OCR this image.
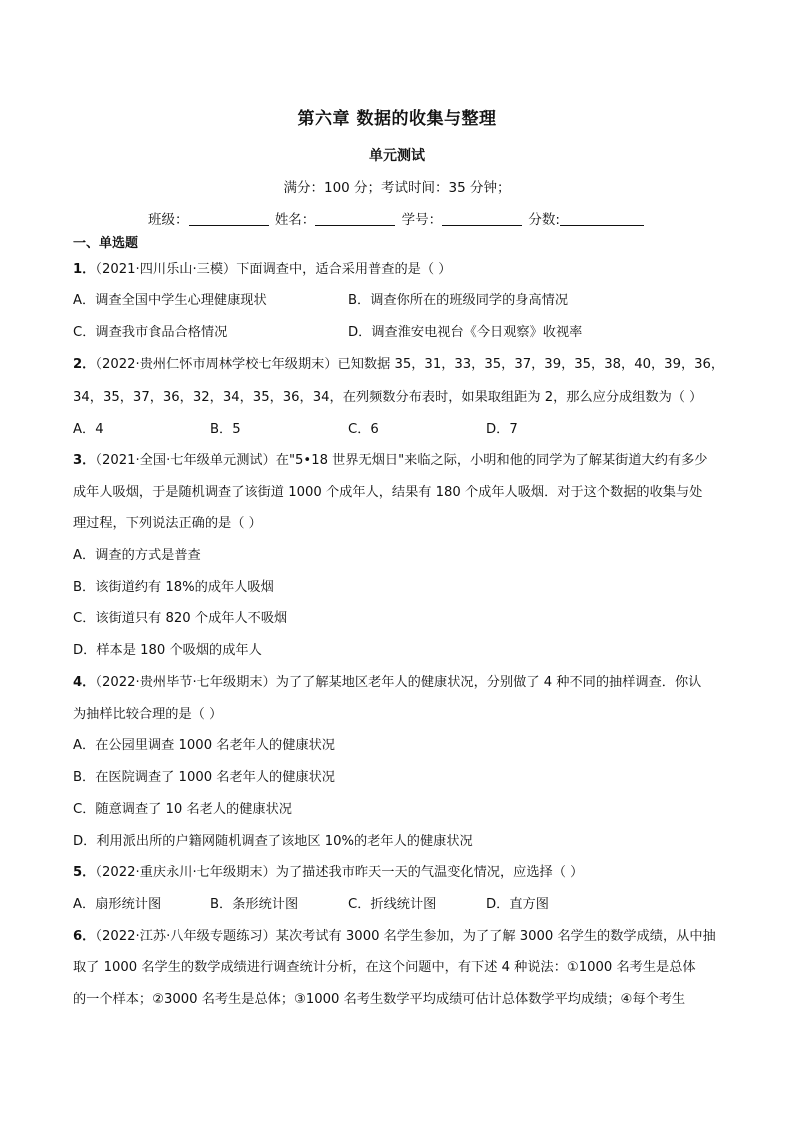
第六章 数据的收集与整理
单元测试
满分：100 分；考试时间：35 分钟；
班级：	姓名：	学号：	分数:
一、单选题
1．（2021·四川乐山·三模）下面调查中，适合采用普查的是（ ）
A．调查全国中学生心理健康现状	B．调查你所在的班级同学的身高情况
C．调查我市食品合格情况	D．调查淮安电视台《今日观察》收视率
2．（2022·贵州仁怀市周林学校七年级期末）已知数据 35，31，33，35，37，39，35，38，40，39，36，
34，35，37，36，32，34，35，36，34，在列频数分布表时，如果取组距为 2，那么应分成组数为（ ）
A．4	B．5	C．6	D．7
3．（2021·全国·七年级单元测试）在"5•18 世界无烟日"来临之际，小明和他的同学为了解某街道大约有多少
成年人吸烟，于是随机调查了该街道 1000 个成年人，结果有 180 个成年人吸烟．对于这个数据的收集与处
理过程，下列说法正确的是（ ）
A．调查的方式是普查
B．该街道约有 18%的成年人吸烟
C．该街道只有 820 个成年人不吸烟
D．样本是 180 个吸烟的成年人
4．（2022·贵州毕节·七年级期末）为了了解某地区老年人的健康状况，分别做了 4 种不同的抽样调查．你认
为抽样比较合理的是（ ）
A．在公园里调查 1000 名老年人的健康状况
B．在医院调查了 1000 名老年人的健康状况
C．随意调查了 10 名老人的健康状况
D．利用派出所的户籍网随机调查了该地区 10%的老年人的健康状况
5．（2022·重庆永川·七年级期末）为了描述我市昨天一天的气温变化情况，应选择（ ）
A．扇形统计图	B．条形统计图	C．折线统计图	D．直方图
6．（2022·江苏·八年级专题练习）某次考试有 3000 名学生参加，为了了解 3000 名学生的数学成绩，从中抽
取了 1000 名学生的数学成绩进行调查统计分析，在这个问题中，有下述 4 种说法：①1000 名考生是总体
的一个样本；②3000 名考生是总体；③1000 名考生数学平均成绩可估计总体数学平均成绩；④每个考生
